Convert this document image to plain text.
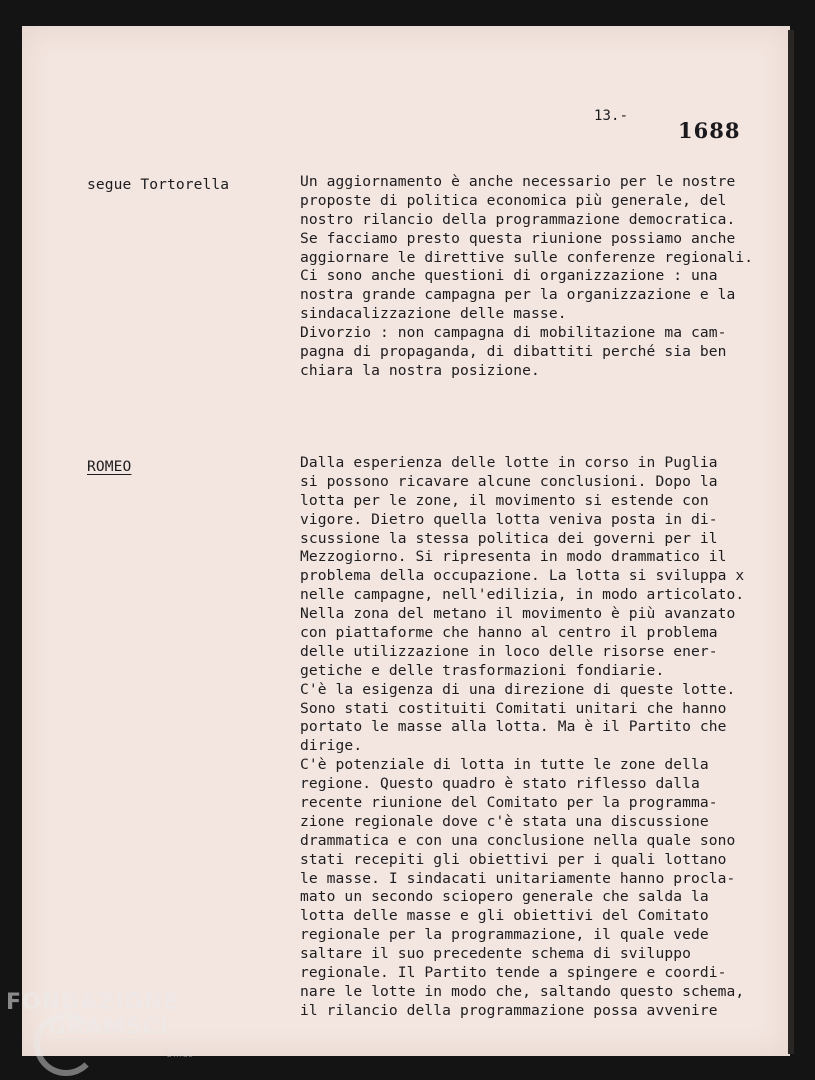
13.-
1688
segue Tortorella	Un aggiornamento è anche necessario per le nostre
proposte di politica economica più generale, del
nostro rilancio della programmazione democratica.
Se facciamo presto questa riunione possiamo anche
aggiornare le direttive sulle conferenze regionali.
Ci sono anche questioni di organizzazione : una
nostra grande campagna per la organizzazione e la
sindacalizzazione delle masse.
Divorzio : non campagna di mobilitazione ma cam-
pagna di propaganda, di dibattiti perché sia ben
chiara la nostra posizione.
ROMEO	Dalla esperienza delle lotte in corso in Puglia
si possono ricavare alcune conclusioni. Dopo la
lotta per le zone, il movimento si estende con
vigore. Dietro quella lotta veniva posta in di-
scussione la stessa politica dei governi per il
Mezzogiorno. Si ripresenta in modo drammatico il
problema della occupazione. La lotta si sviluppa x
nelle campagne, nell'edilizia, in modo articolato.
Nella zona del metano il movimento è più avanzato
con piattaforme che hanno al centro il problema
delle utilizzazione in loco delle risorse ener-
getiche e delle trasformazioni fondiarie.
C'è la esigenza di una direzione di queste lotte.
Sono stati costituiti Comitati unitari che hanno
portato le masse alla lotta. Ma è il Partito che
dirige.
C'è potenziale di lotta in tutte le zone della
regione. Questo quadro è stato riflesso dalla
recente riunione del Comitato per la programma-
zione regionale dove c'è stata una discussione
drammatica e con una conclusione nella quale sono
stati recepiti gli obiettivi per i quali lottano
le masse. I sindacati unitariamente hanno procla-
mato un secondo sciopero generale che salda la
lotta delle masse e gli obiettivi del Comitato
regionale per la programmazione, il quale vede
saltare il suo precedente schema di sviluppo
regionale. Il Partito tende a spingere e coordi-
nare le lotte in modo che, saltando questo schema,
il rilancio della programmazione possa avvenire
FONDAZIONE
GRAMSCI
Onlus
